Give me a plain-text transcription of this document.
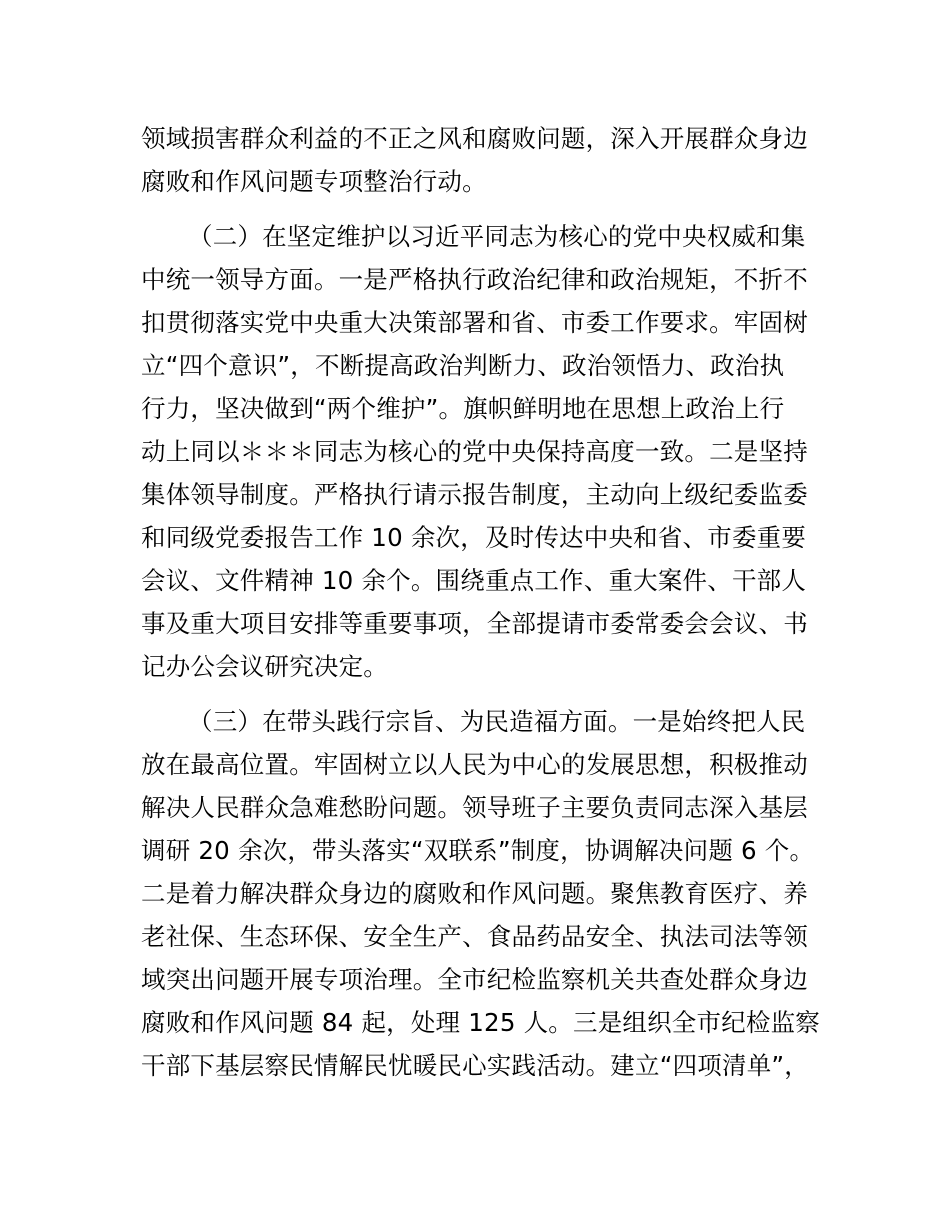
领域损害群众利益的不正之风和腐败问题，深入开展群众身边
腐败和作风问题专项整治行动。
（二）在坚定维护以习近平同志为核心的党中央权威和集
中统一领导方面。一是严格执行政治纪律和政治规矩，不折不
扣贯彻落实党中央重大决策部署和省、市委工作要求。牢固树
立“四个意识”，不断提高政治判断力、政治领悟力、政治执
行力，坚决做到“两个维护”。旗帜鲜明地在思想上政治上行
动上同以＊＊＊同志为核心的党中央保持高度一致。二是坚持
集体领导制度。严格执行请示报告制度，主动向上级纪委监委
和同级党委报告工作 10 余次，及时传达中央和省、市委重要
会议、文件精神 10 余个。围绕重点工作、重大案件、干部人
事及重大项目安排等重要事项，全部提请市委常委会会议、书
记办公会议研究决定。
（三）在带头践行宗旨、为民造福方面。一是始终把人民
放在最高位置。牢固树立以人民为中心的发展思想，积极推动
解决人民群众急难愁盼问题。领导班子主要负责同志深入基层
调研 20 余次，带头落实“双联系”制度，协调解决问题 6 个。
二是着力解决群众身边的腐败和作风问题。聚焦教育医疗、养
老社保、生态环保、安全生产、食品药品安全、执法司法等领
域突出问题开展专项治理。全市纪检监察机关共查处群众身边
腐败和作风问题 84 起，处理 125 人。三是组织全市纪检监察
干部下基层察民情解民忧暖民心实践活动。建立“四项清单”，
